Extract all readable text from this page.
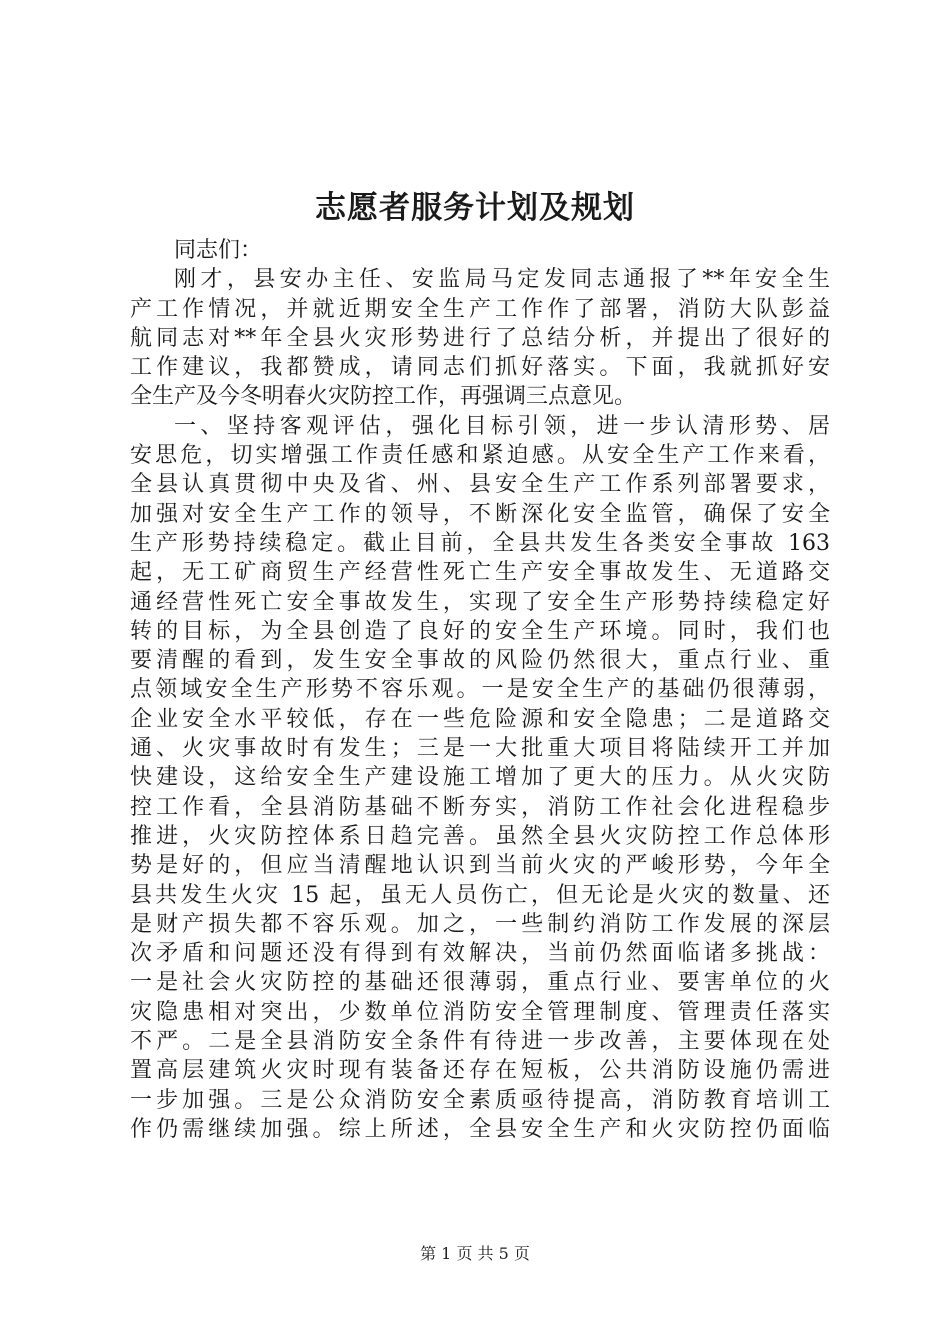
志愿者服务计划及规划
同志们：
刚才，县安办主任、安监局马定发同志通报了**年安全生
产工作情况，并就近期安全生产工作作了部署，消防大队彭益
航同志对**年全县火灾形势进行了总结分析，并提出了很好的
工作建议，我都赞成，请同志们抓好落实。下面，我就抓好安
全生产及今冬明春火灾防控工作，再强调三点意见。
一、坚持客观评估，强化目标引领，进一步认清形势、居
安思危，切实增强工作责任感和紧迫感。从安全生产工作来看，
全县认真贯彻中央及省、州、县安全生产工作系列部署要求，
加强对安全生产工作的领导，不断深化安全监管，确保了安全
生产形势持续稳定。截止目前，全县共发生各类安全事故 163
起，无工矿商贸生产经营性死亡生产安全事故发生、无道路交
通经营性死亡安全事故发生，实现了安全生产形势持续稳定好
转的目标，为全县创造了良好的安全生产环境。同时，我们也
要清醒的看到，发生安全事故的风险仍然很大，重点行业、重
点领域安全生产形势不容乐观。一是安全生产的基础仍很薄弱，
企业安全水平较低，存在一些危险源和安全隐患；二是道路交
通、火灾事故时有发生；三是一大批重大项目将陆续开工并加
快建设，这给安全生产建设施工增加了更大的压力。从火灾防
控工作看，全县消防基础不断夯实，消防工作社会化进程稳步
推进，火灾防控体系日趋完善。虽然全县火灾防控工作总体形
势是好的，但应当清醒地认识到当前火灾的严峻形势，今年全
县共发生火灾 15 起，虽无人员伤亡，但无论是火灾的数量、还
是财产损失都不容乐观。加之，一些制约消防工作发展的深层
次矛盾和问题还没有得到有效解决，当前仍然面临诸多挑战：
一是社会火灾防控的基础还很薄弱，重点行业、要害单位的火
灾隐患相对突出，少数单位消防安全管理制度、管理责任落实
不严。二是全县消防安全条件有待进一步改善，主要体现在处
置高层建筑火灾时现有装备还存在短板，公共消防设施仍需进
一步加强。三是公众消防安全素质亟待提高，消防教育培训工
作仍需继续加强。综上所述，全县安全生产和火灾防控仍面临
第 1 页 共 5 页
